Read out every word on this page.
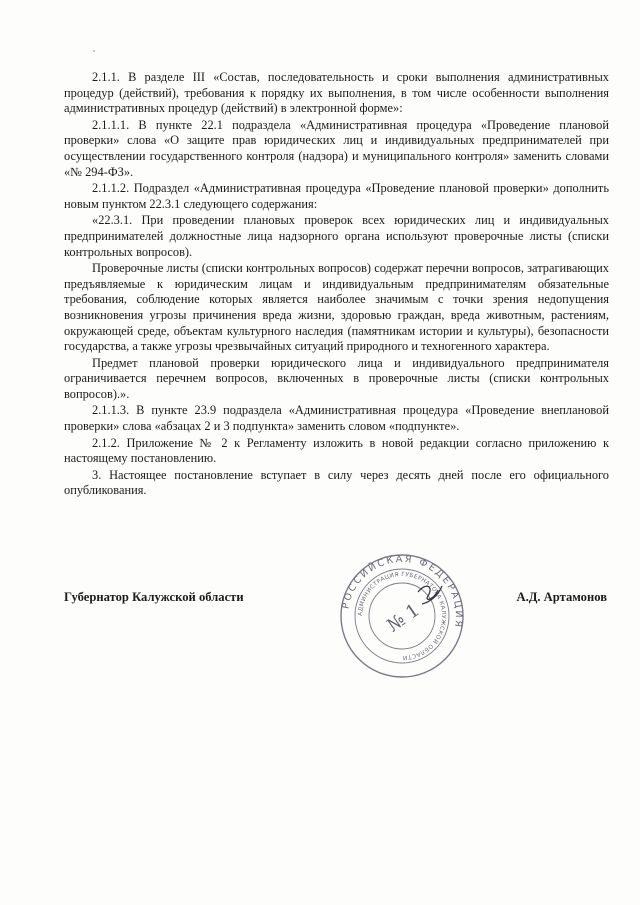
2.1.1. В разделе III «Состав, последовательность и сроки выполнения административных процедур (действий), требования к порядку их выполнения, в том числе особенности выполнения административных процедур (действий) в электронной форме»:

2.1.1.1. В пункте 22.1 подраздела «Административная процедура «Проведение плановой проверки» слова «О защите прав юридических лиц и индивидуальных предпринимателей при осуществлении государственного контроля (надзора) и муниципального контроля» заменить словами «№ 294-ФЗ».

2.1.1.2. Подраздел «Административная процедура «Проведение плановой проверки» дополнить новым пунктом 22.3.1 следующего содержания:

«22.3.1. При проведении плановых проверок всех юридических лиц и индивидуальных предпринимателей должностные лица надзорного органа используют проверочные листы (списки контрольных вопросов).

Проверочные листы (списки контрольных вопросов) содержат перечни вопросов, затрагивающих предъявляемые к юридическим лицам и индивидуальным предпринимателям обязательные требования, соблюдение которых является наиболее значимым с точки зрения недопущения возникновения угрозы причинения вреда жизни, здоровью граждан, вреда животным, растениям, окружающей среде, объектам культурного наследия (памятникам истории и культуры), безопасности государства, а также угрозы чрезвычайных ситуаций природного и техногенного характера.

Предмет плановой проверки юридического лица и индивидуального предпринимателя ограничивается перечнем вопросов, включенных в проверочные листы (списки контрольных вопросов).».

2.1.1.3. В пункте 23.9 подраздела «Административная процедура «Проведение внеплановой проверки» слова «абзацах 2 и 3 подпункта» заменить словом «подпункте».

2.1.2. Приложение № 2 к Регламенту изложить в новой редакции согласно приложению к настоящему постановлению.

3. Настоящее постановление вступает в силу через десять дней после его официального опубликования.

Губернатор Калужской области	А.Д. Артамонов
РОССИЙСКАЯ ФЕДЕРАЦИЯ
АДМИНИСТРАЦИЯ ГУБЕРНАТОРА КАЛУЖСКОЙ ОБЛАСТИ
№ 1
